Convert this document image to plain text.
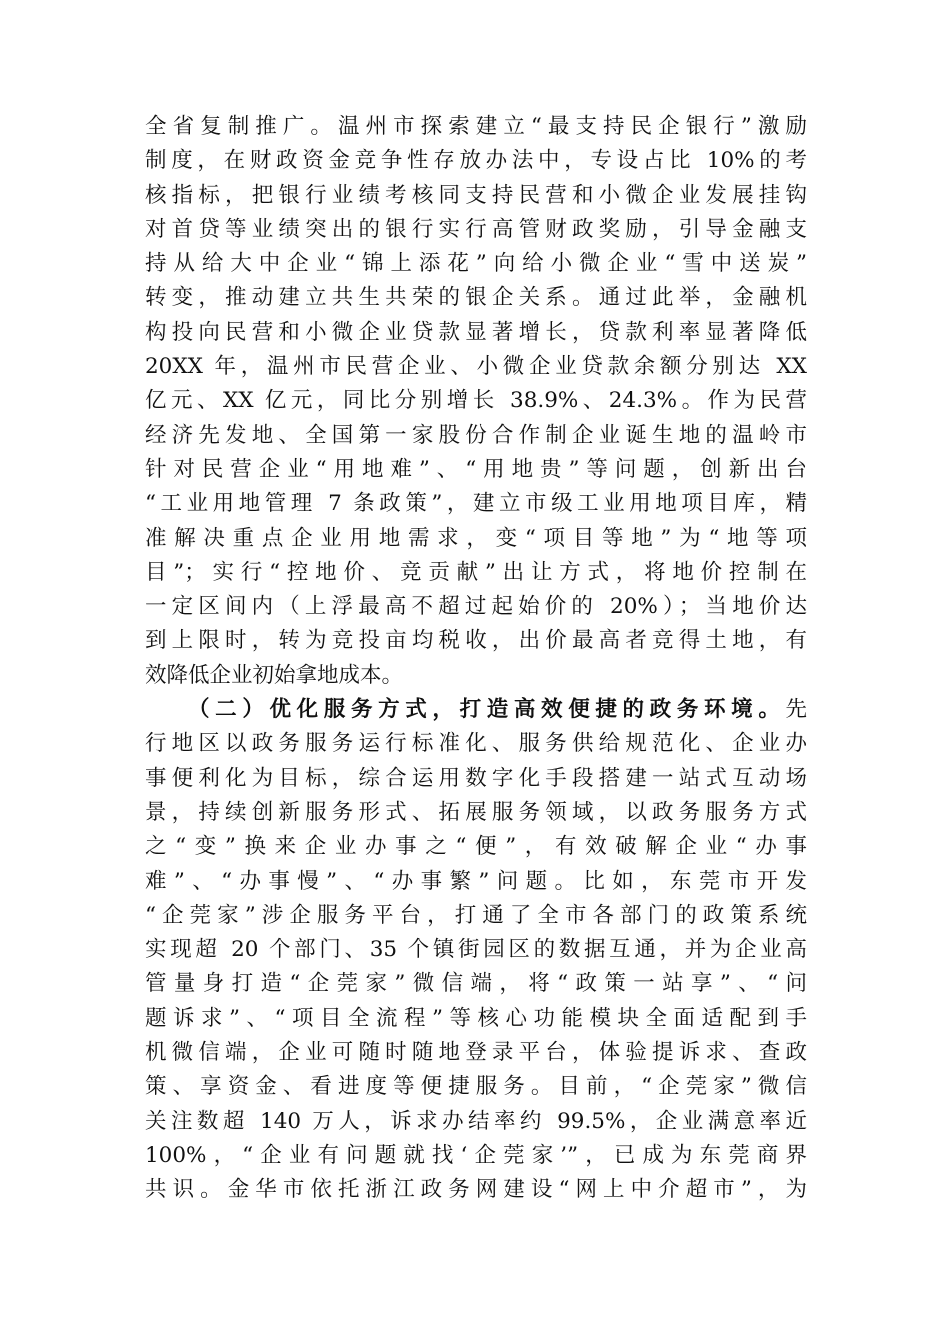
全省复制推广。温州市探索建立“最支持民企银行”激励
制度，在财政资金竞争性存放办法中，专设占比 10%的考
核指标，把银行业绩考核同支持民营和小微企业发展挂钩
对首贷等业绩突出的银行实行高管财政奖励，引导金融支
持从给大中企业“锦上添花”向给小微企业“雪中送炭”
转变，推动建立共生共荣的银企关系。通过此举，金融机
构投向民营和小微企业贷款显著增长，贷款利率显著降低
20XX 年，温州市民营企业、小微企业贷款余额分别达 XX
亿元、XX 亿元，同比分别增长 38.9%、24.3%。作为民营
经济先发地、全国第一家股份合作制企业诞生地的温岭市
针对民营企业“用地难”、“用地贵”等问题，创新出台
“工业用地管理 7 条政策”，建立市级工业用地项目库，精
准解决重点企业用地需求，变“项目等地”为“地等项
目”；实行“控地价、竞贡献”出让方式，将地价控制在
一定区间内（上浮最高不超过起始价的 20%）；当地价达
到上限时，转为竞投亩均税收，出价最高者竞得土地，有
效降低企业初始拿地成本。
（二）优化服务方式，打造高效便捷的政务环境。先
行地区以政务服务运行标准化、服务供给规范化、企业办
事便利化为目标，综合运用数字化手段搭建一站式互动场
景，持续创新服务形式、拓展服务领域，以政务服务方式
之“变”换来企业办事之“便”，有效破解企业“办事
难”、“办事慢”、“办事繁”问题。比如，东莞市开发
“企莞家”涉企服务平台，打通了全市各部门的政策系统
实现超 20 个部门、35 个镇街园区的数据互通，并为企业高
管量身打造“企莞家”微信端，将“政策一站享”、“问
题诉求”、“项目全流程”等核心功能模块全面适配到手
机微信端，企业可随时随地登录平台，体验提诉求、查政
策、享资金、看进度等便捷服务。目前，“企莞家”微信
关注数超 140 万人，诉求办结率约 99.5%，企业满意率近
100%，“企业有问题就找‘企莞家’”，已成为东莞商界
共识。金华市依托浙江政务网建设“网上中介超市”，为
